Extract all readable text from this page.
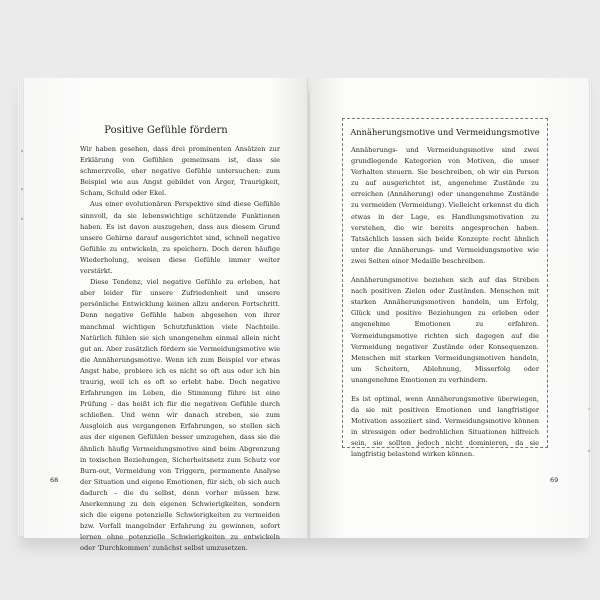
Positive Gefühle fördern

Wir haben gesehen, dass drei prominenten Ansätzen zur Erklärung von Gefühlen gemeinsam ist, dass sie schmerzvolle, eher negative Gefühle untersuchen: zum Beispiel wie aus Angst gebildet von Ärger, Traurigkeit, Scham, Schuld oder Ekel.

Aus einer evolutionären Perspektive sind diese Gefühle sinnvoll, da sie lebenswichtige schützende Funktionen haben. Es ist davon auszugehen, dass aus diesem Grund unsere Gehirne darauf ausgerichtet sind, schnell negative Gefühle zu entwickeln, zu speichern. Doch deren häufige Wiederholung, weisen diese Gefühle immer weiter verstärkt.

Diese Tendenz, viel negative Gefühle zu erleben, hat aber leider für unsere Zufriedenheit und unsere persönliche Entwicklung keinen allzu anderen Fortschritt. Denn negative Gefühle haben abgesehen von ihrer manchmal wichtigen Schutzfunktion viele Nachteile. Natürlich fühlen sie sich unangenehm einmal allein nicht gut an. Aber zusätzlich fördern sie Vermeidungsmotive wie die Annäherungsmotive. Wenn ich zum Beispiel vor etwas Angst habe, probiere ich es nicht so oft aus oder ich bin traurig, weil ich es oft so erlebt habe. Doch negative Erfahrungen im Leben, die Stimmung führe ist eine Prüfung – das heißt ich für die negativen Gefühle durch schließen. Und wenn wir danach streben, sie zum Ausgleich aus vergangenen Erfahrungen, so stellen sich aus der eigenen Gefühlen besser umzugehen, dass sie die ähnlich häufig Vermeidungsmotive sind beim Abgrenzung in toxischen Beziehungen, Sicherheitsnetz zum Schutz vor Burn-out, Vermeidung von Triggern, permanente Analyse der Situation und eigene Emotionen, für sich, ob sich auch dadurch – die du selbst, denn vorher müssen bzw. Anerkennung zu den eigenen Schwierigkeiten, sondern sich die eigene potenzielle Schwierigkeiten zu vermeiden bzw. Vorfall mangelnder Erfahrung zu gewinnen, sofort lernen ohne potenzielle Schwierigkeiten zu entwickeln oder 'Durchkommen' zunächst selbst umzusetzen.

68
Annäherungsmotive und Vermeidungsmotive

Annäherungs- und Vermeidungsmotive sind zwei grundlegende Kategorien von Motiven, die unser Verhalten steuern. Sie beschreiben, ob wir ein Person zu auf ausgerichtet ist, angenehme Zustände zu erreichen (Annäherung) oder unangenehme Zustände zu vermeiden (Vermeidung). Vielleicht erkennst du dich etwas in der Lage, es Handlungsmotivation zu verstehen, die wir bereits angesprochen haben. Tatsächlich lassen sich beide Konzepte recht ähnlich unter die Annäherungs- und Vermeidungsmotive wie zwei Seiten einer Medaille beschreiben.

Annäherungsmotive beziehen sich auf das Streben nach positiven Zielen oder Zuständen. Menschen mit starken Annäherungsmotiven handeln, um Erfolg, Glück und positive Beziehungen zu erleben oder angenehme Emotionen zu erfahren. Vermeidungsmotive richten sich dagegen auf die Vermeidung negativer Zustände oder Konsequenzen. Menschen mit starken Vermeidungsmotiven handeln, um Scheitern, Ablehnung, Misserfolg oder unangenehme Emotionen zu verhindern.

Es ist optimal, wenn Annäherungsmotive überwiegen, da sie mit positiven Emotionen und langfristiger Motivation assoziiert sind. Vermeidungsmotive können in stressigen oder bedrohlichen Situationen hilfreich sein, sie sollten jedoch nicht dominieren, da sie langfristig belastend wirken können.

69
